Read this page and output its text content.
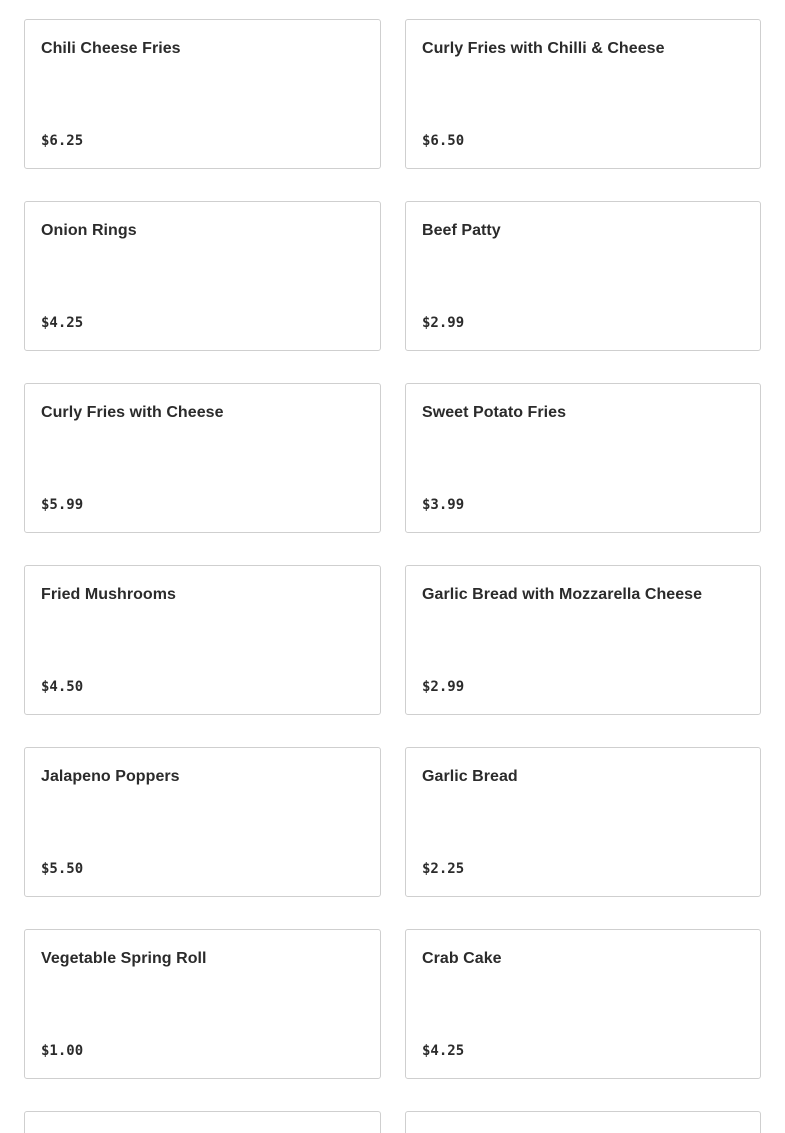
Chili Cheese Fries
$6.25
Curly Fries with Chilli & Cheese
$6.50
Onion Rings
$4.25
Beef Patty
$2.99
Curly Fries with Cheese
$5.99
Sweet Potato Fries
$3.99
Fried Mushrooms
$4.50
Garlic Bread with Mozzarella Cheese
$2.99
Jalapeno Poppers
$5.50
Garlic Bread
$2.25
Vegetable Spring Roll
$1.00
Crab Cake
$4.25
